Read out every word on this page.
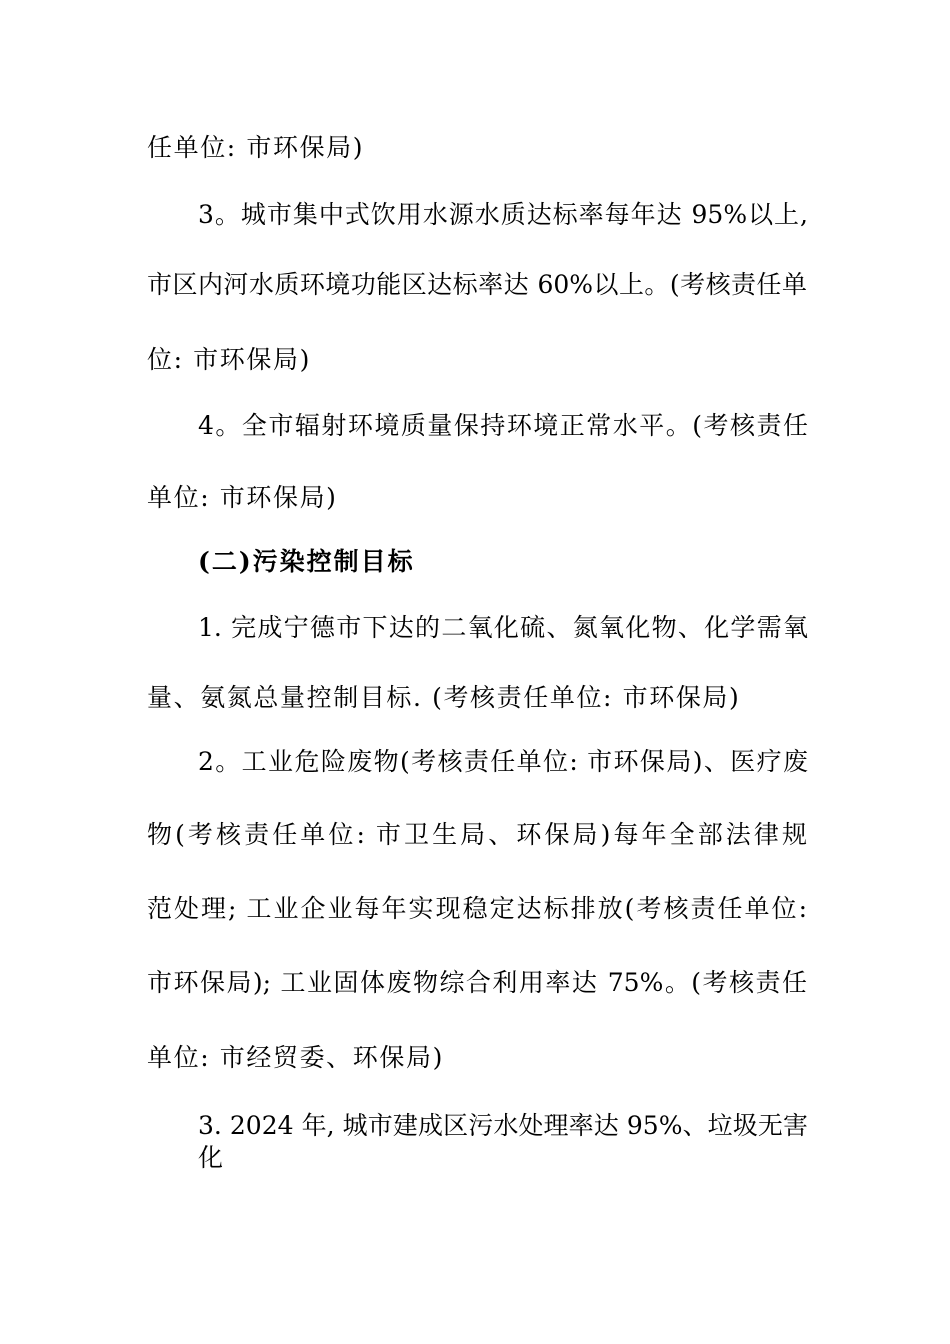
任单位: 市环保局)
3。城市集中式饮用水源水质达标率每年达 95%以上,
市区内河水质环境功能区达标率达 60%以上。(考核责任单
位: 市环保局)
4。全市辐射环境质量保持环境正常水平。(考核责任
单位: 市环保局)
(二)污染控制目标
1. 完成宁德市下达的二氧化硫、氮氧化物、化学需氧
量、氨氮总量控制目标. (考核责任单位: 市环保局)
2。工业危险废物(考核责任单位: 市环保局)、医疗废
物(考核责任单位: 市卫生局、环保局)每年全部法律规
范处理; 工业企业每年实现稳定达标排放(考核责任单位:
市环保局); 工业固体废物综合利用率达 75%。(考核责任
单位: 市经贸委、环保局)
3. 2024 年, 城市建成区污水处理率达 95%、垃圾无害化
